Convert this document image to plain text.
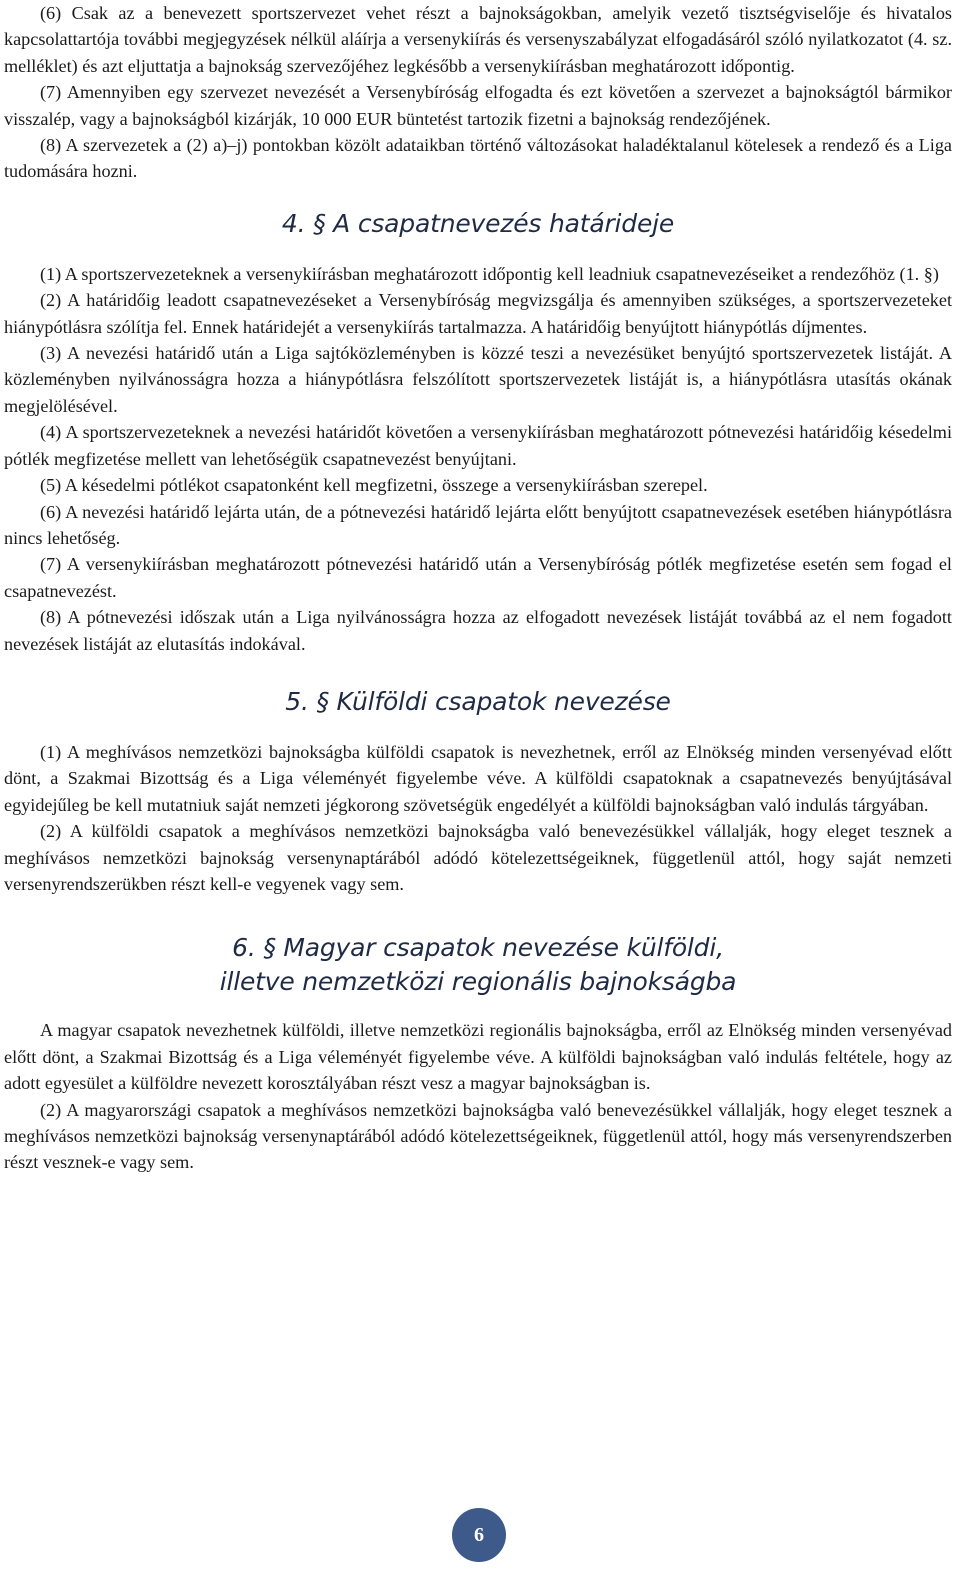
(6) Csak az a benevezett sportszervezet vehet részt a bajnokságokban, amelyik vezető tisztségviselője és hivatalos kapcsolattartója további megjegyzések nélkül aláírja a versenykiírás és versenyszabályzat elfogadásáról szóló nyilatkozatot (4. sz. melléklet) és azt eljuttatja a bajnokság szervezőjéhez legkésőbb a versenykiírásban meghatározott időpontig.

(7) Amennyiben egy szervezet nevezését a Versenybíróság elfogadta és ezt követően a szervezet a bajnokságtól bármikor visszalép, vagy a bajnokságból kizárják, 10 000 EUR büntetést tartozik fizetni a bajnokság rendezőjének.

(8) A szervezetek a (2) a)‒j) pontokban közölt adataikban történő változásokat haladéktalanul kötelesek a rendező és a Liga tudomására hozni.

4. § A csapatnevezés határideje

(1) A sportszervezeteknek a versenykiírásban meghatározott időpontig kell leadniuk csapatnevezéseiket a rendezőhöz (1. §)

(2) A határidőig leadott csapatnevezéseket a Versenybíróság megvizsgálja és amennyiben szükséges, a sportszervezeteket hiánypótlásra szólítja fel. Ennek határidejét a versenykiírás tartalmazza. A határidőig benyújtott hiánypótlás díjmentes.

(3) A nevezési határidő után a Liga sajtóközleményben is közzé teszi a nevezésüket benyújtó sportszervezetek listáját. A közleményben nyilvánosságra hozza a hiánypótlásra felszólított sportszervezetek listáját is, a hiánypótlásra utasítás okának megjelölésével.

(4) A sportszervezeteknek a nevezési határidőt követően a versenykiírásban meghatározott pótnevezési határidőig késedelmi pótlék megfizetése mellett van lehetőségük csapatnevezést benyújtani.

(5) A késedelmi pótlékot csapatonként kell megfizetni, összege a versenykiírásban szerepel.

(6) A nevezési határidő lejárta után, de a pótnevezési határidő lejárta előtt benyújtott csapatnevezések esetében hiánypótlásra nincs lehetőség.

(7) A versenykiírásban meghatározott pótnevezési határidő után a Versenybíróság pótlék megfizetése esetén sem fogad el csapatnevezést.

(8) A pótnevezési időszak után a Liga nyilvánosságra hozza az elfogadott nevezések listáját továbbá az el nem fogadott nevezések listáját az elutasítás indokával.

5. § Külföldi csapatok nevezése

(1) A meghívásos nemzetközi bajnokságba külföldi csapatok is nevezhetnek, erről az Elnökség minden versenyévad előtt dönt, a Szakmai Bizottság és a Liga véleményét figyelembe véve. A külföldi csapatoknak a csapatnevezés benyújtásával egyidejűleg be kell mutatniuk saját nemzeti jégkorong szövetségük engedélyét a külföldi bajnokságban való indulás tárgyában.

(2) A külföldi csapatok a meghívásos nemzetközi bajnokságba való benevezésükkel vállalják, hogy eleget tesznek a meghívásos nemzetközi bajnokság versenynaptárából adódó kötelezettségeiknek, függetlenül attól, hogy saját nemzeti versenyrendszerükben részt kell-e vegyenek vagy sem.

6. § Magyar csapatok nevezése külföldi,
illetve nemzetközi regionális bajnokságba

A magyar csapatok nevezhetnek külföldi, illetve nemzetközi regionális bajnokságba, erről az Elnökség minden versenyévad előtt dönt, a Szakmai Bizottság és a Liga véleményét figyelembe véve. A külföldi bajnokságban való indulás feltétele, hogy az adott egyesület a külföldre nevezett korosztályában részt vesz a magyar bajnokságban is.

(2) A magyarországi csapatok a meghívásos nemzetközi bajnokságba való benevezésükkel vállalják, hogy eleget tesznek a meghívásos nemzetközi bajnokság versenynaptárából adódó kötelezettségeiknek, függetlenül attól, hogy más versenyrendszerben részt vesznek-e vagy sem.

6
